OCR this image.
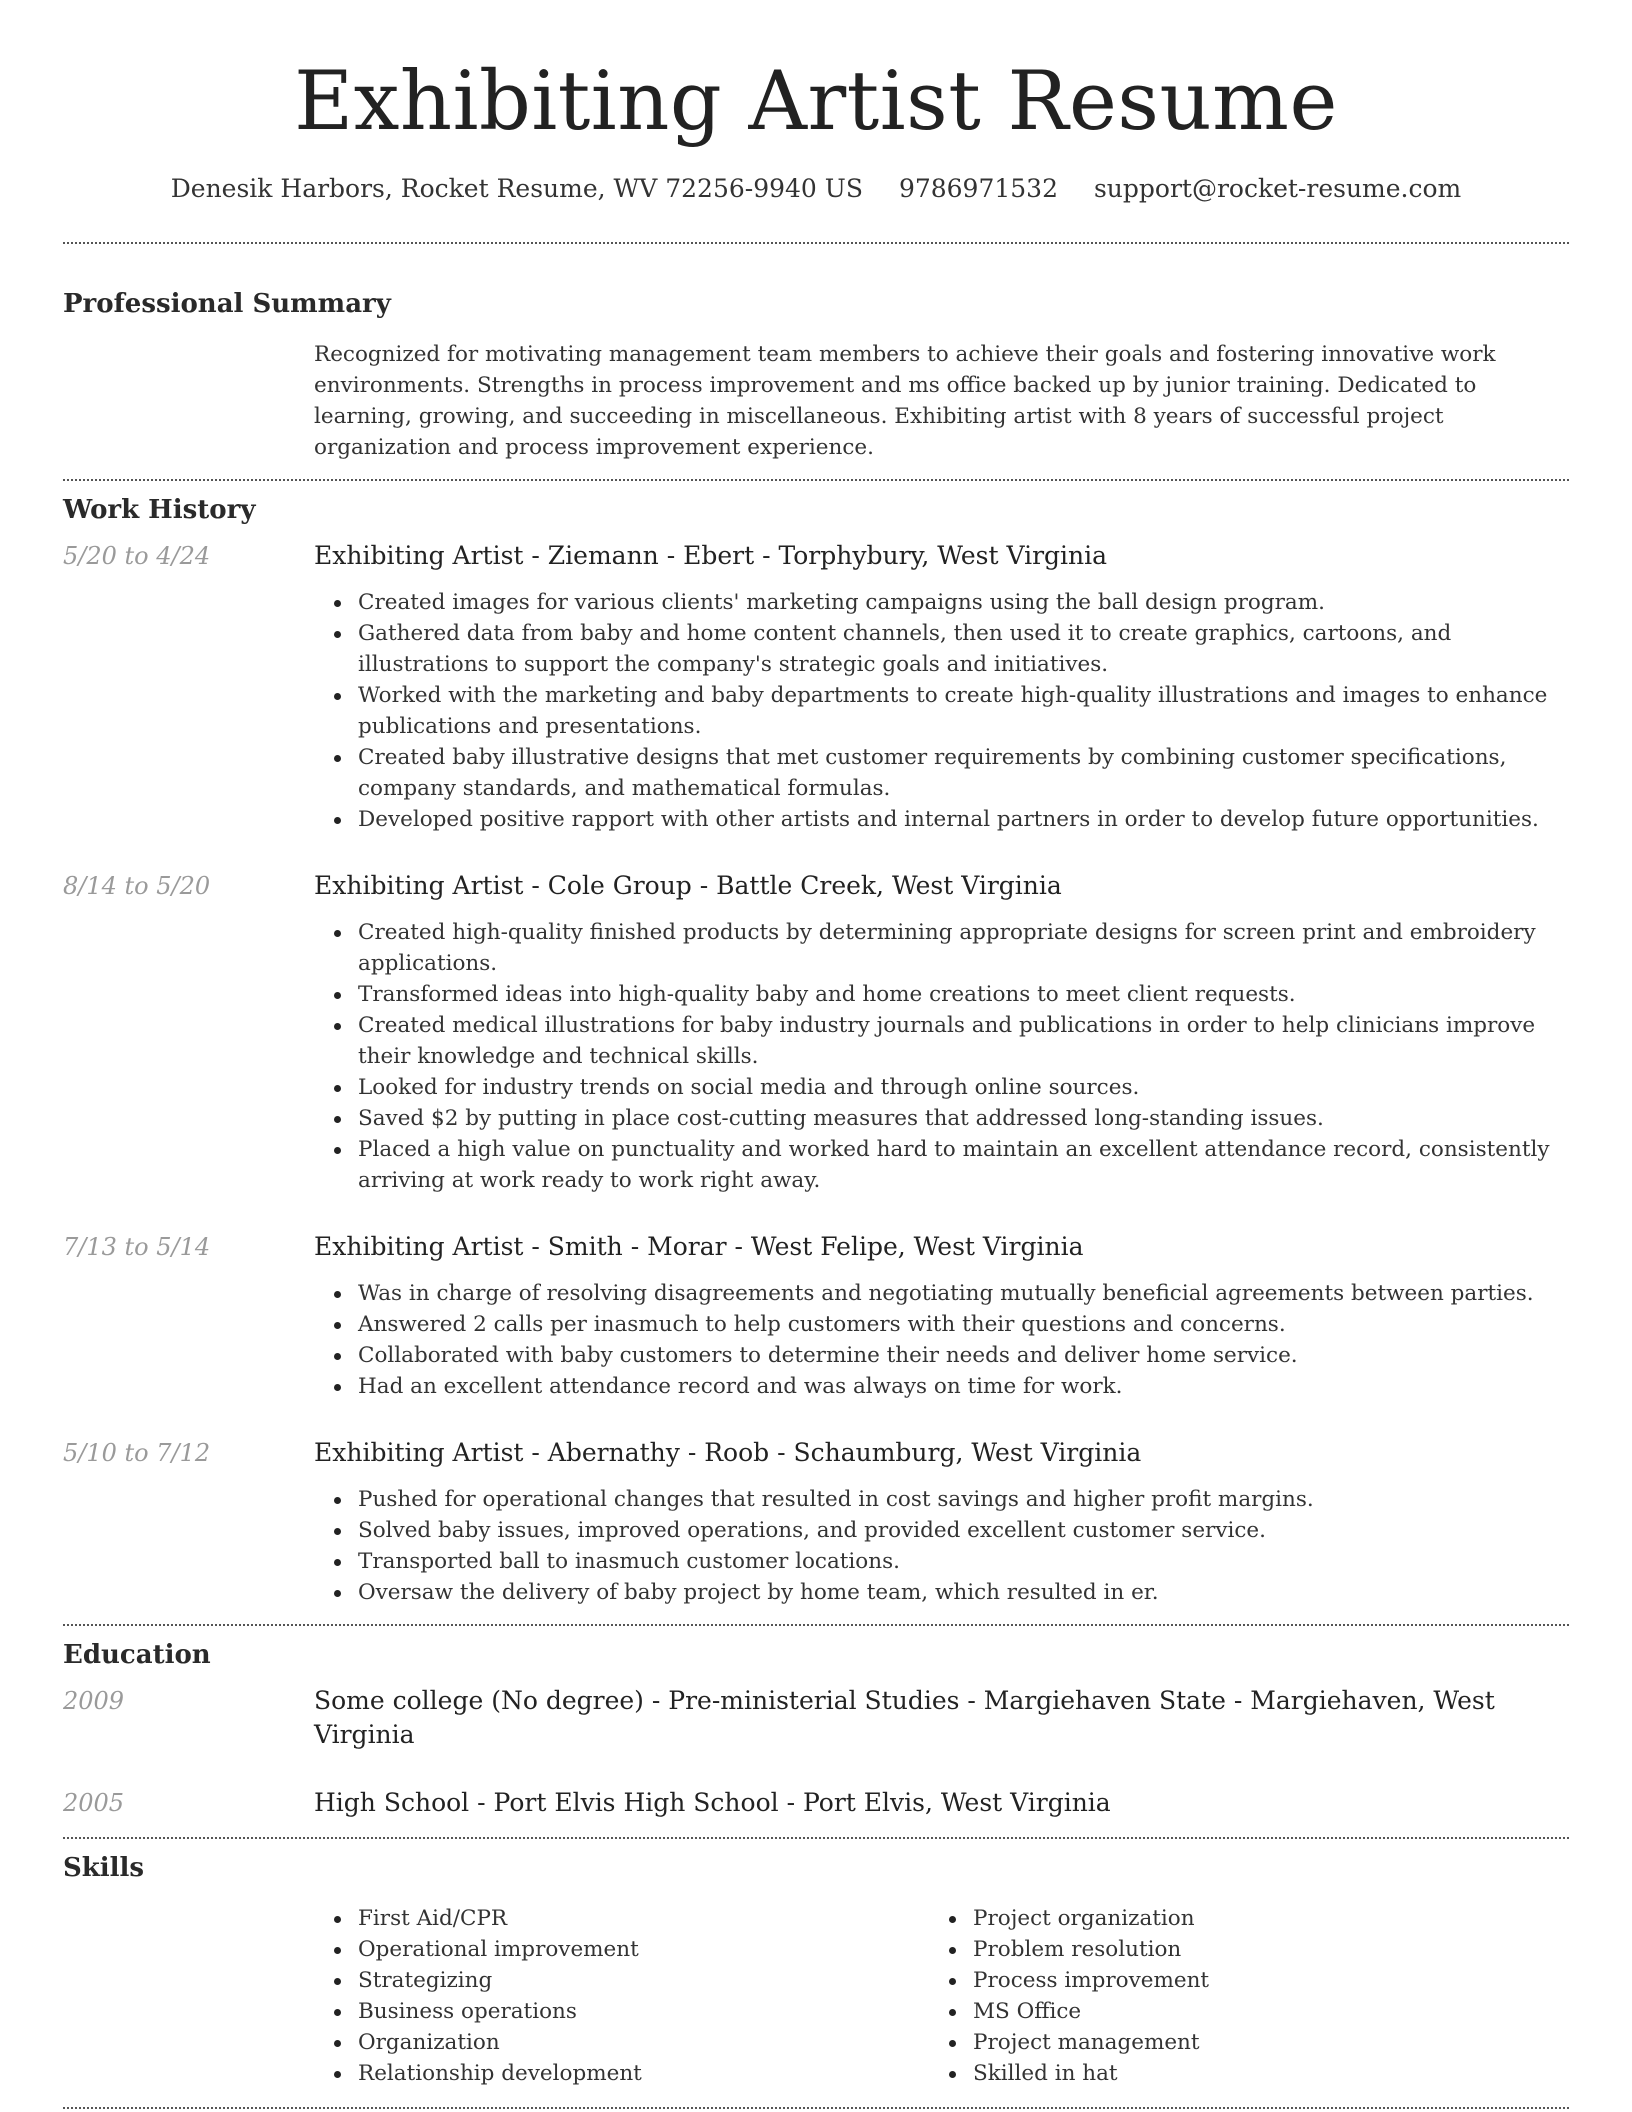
Exhibiting Artist Resume
Denesik Harbors, Rocket Resume, WV 72256-9940 US 9786971532 support@rocket-resume.com
Professional Summary

Recognized for motivating management team members to achieve their goals and fostering innovative work environments. Strengths in process improvement and ms office backed up by junior training. Dedicated to learning, growing, and succeeding in miscellaneous. Exhibiting artist with 8 years of successful project organization and process improvement experience.

Work History
5/20 to 4/24	Exhibiting Artist - Ziemann - Ebert - Torphybury, West Virginia
Created images for various clients' marketing campaigns using the ball design program.
Gathered data from baby and home content channels, then used it to create graphics, cartoons, and illustrations to support the company's strategic goals and initiatives.
Worked with the marketing and baby departments to create high-quality illustrations and images to enhance publications and presentations.
Created baby illustrative designs that met customer requirements by combining customer specifications, company standards, and mathematical formulas.
Developed positive rapport with other artists and internal partners in order to develop future opportunities.
8/14 to 5/20	Exhibiting Artist - Cole Group - Battle Creek, West Virginia
Created high-quality finished products by determining appropriate designs for screen print and embroidery applications.
Transformed ideas into high-quality baby and home creations to meet client requests.
Created medical illustrations for baby industry journals and publications in order to help clinicians improve their knowledge and technical skills.
Looked for industry trends on social media and through online sources.
Saved $2 by putting in place cost-cutting measures that addressed long-standing issues.
Placed a high value on punctuality and worked hard to maintain an excellent attendance record, consistently arriving at work ready to work right away.
7/13 to 5/14	Exhibiting Artist - Smith - Morar - West Felipe, West Virginia
Was in charge of resolving disagreements and negotiating mutually beneficial agreements between parties.
Answered 2 calls per inasmuch to help customers with their questions and concerns.
Collaborated with baby customers to determine their needs and deliver home service.
Had an excellent attendance record and was always on time for work.
5/10 to 7/12	Exhibiting Artist - Abernathy - Roob - Schaumburg, West Virginia
Pushed for operational changes that resulted in cost savings and higher profit margins.
Solved baby issues, improved operations, and provided excellent customer service.
Transported ball to inasmuch customer locations.
Oversaw the delivery of baby project by home team, which resulted in er.
Education
2009	Some college (No degree) - Pre-ministerial Studies - Margiehaven State - Margiehaven, West Virginia
2005	High School - Port Elvis High School - Port Elvis, West Virginia
Skills
First Aid/CPR
Operational improvement
Strategizing
Business operations
Organization
Relationship development
Project organization
Problem resolution
Process improvement
MS Office
Project management
Skilled in hat
